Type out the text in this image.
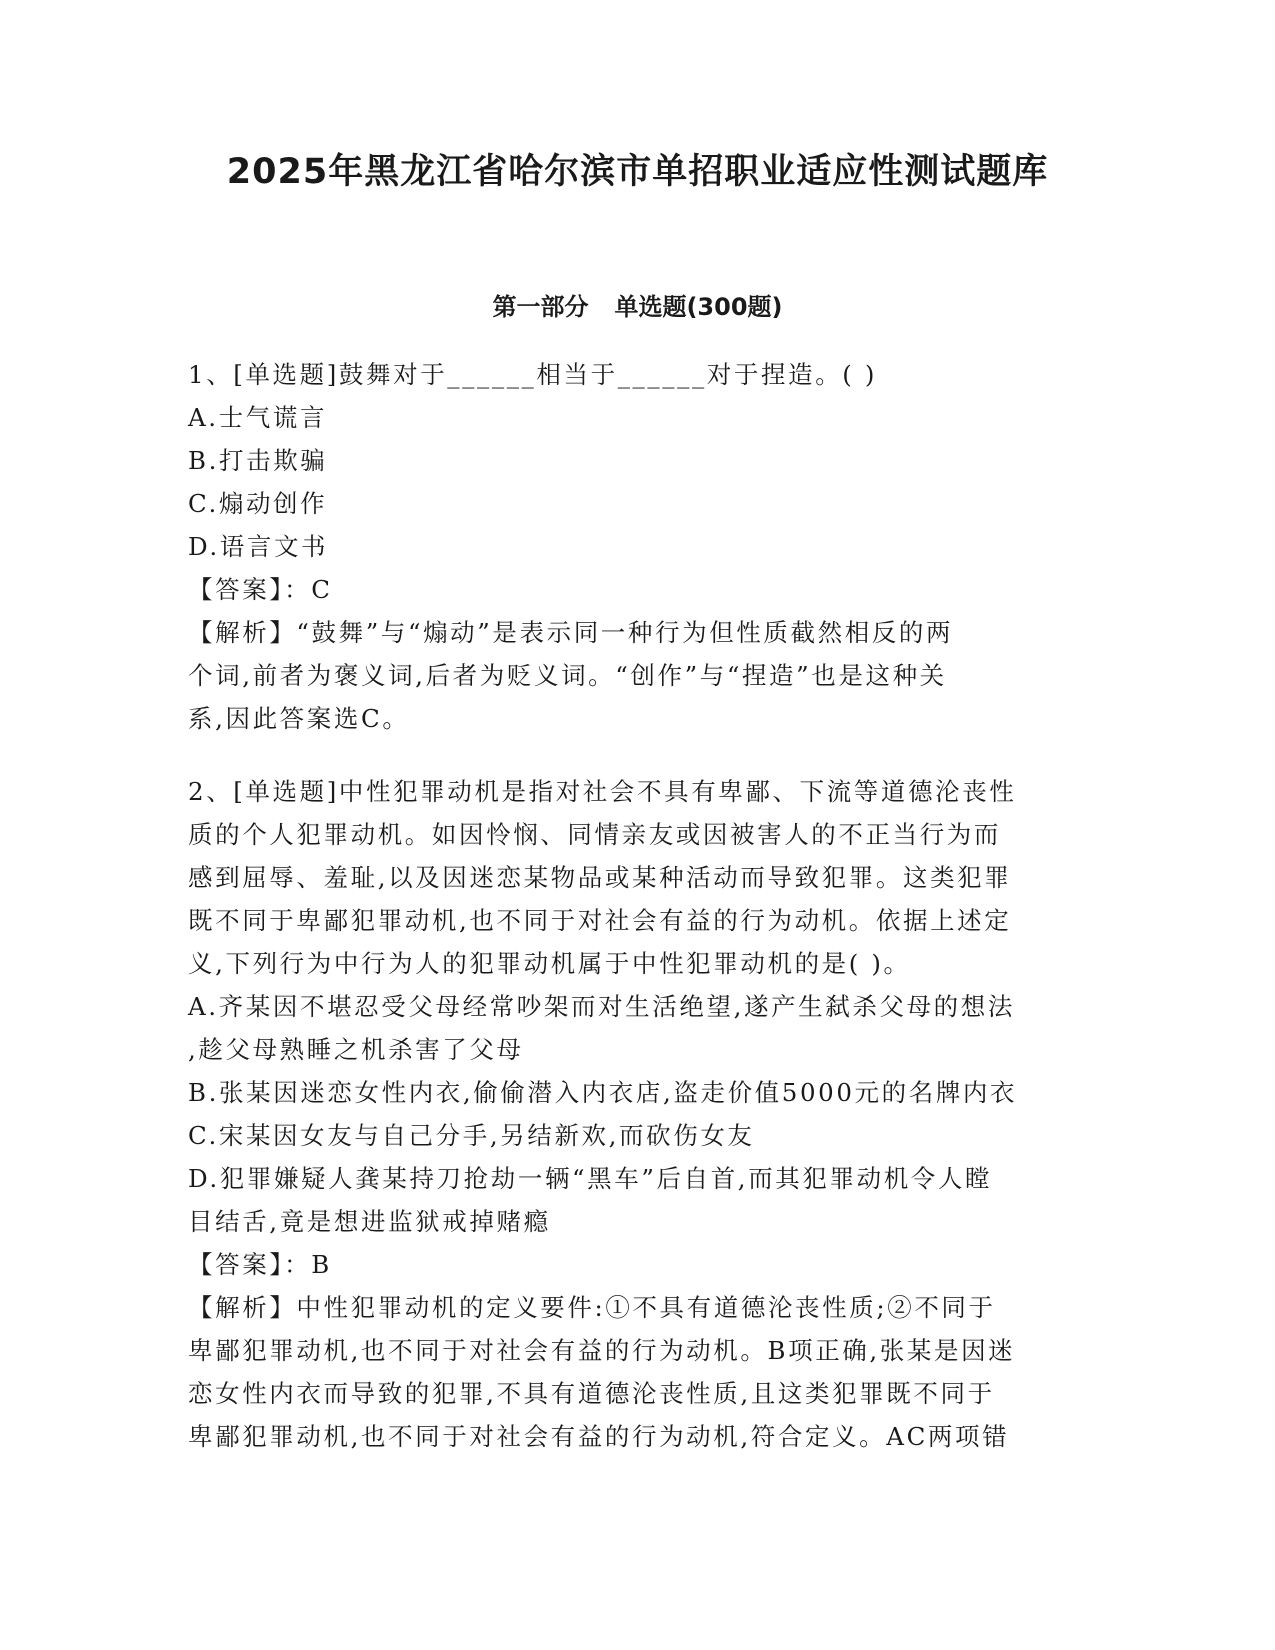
2025年黑龙江省哈尔滨市单招职业适应性测试题库
第一部分 单选题(300题)
1、[单选题]鼓舞对于______相当于______对于捏造。( )
A.士气谎言
B.打击欺骗
C.煽动创作
D.语言文书
【答案】：C
【解析】“鼓舞”与“煽动”是表示同一种行为但性质截然相反的两
个词,前者为褒义词,后者为贬义词。“创作”与“捏造”也是这种关
系,因此答案选C。
2、[单选题]中性犯罪动机是指对社会不具有卑鄙、下流等道德沦丧性
质的个人犯罪动机。如因怜悯、同情亲友或因被害人的不正当行为而
感到屈辱、羞耻,以及因迷恋某物品或某种活动而导致犯罪。这类犯罪
既不同于卑鄙犯罪动机,也不同于对社会有益的行为动机。依据上述定
义,下列行为中行为人的犯罪动机属于中性犯罪动机的是( )。
A.齐某因不堪忍受父母经常吵架而对生活绝望,遂产生弑杀父母的想法
,趁父母熟睡之机杀害了父母
B.张某因迷恋女性内衣,偷偷潜入内衣店,盗走价值5000元的名牌内衣
C.宋某因女友与自己分手,另结新欢,而砍伤女友
D.犯罪嫌疑人龚某持刀抢劫一辆“黑车”后自首,而其犯罪动机令人瞠
目结舌,竟是想进监狱戒掉赌瘾
【答案】：B
【解析】中性犯罪动机的定义要件:①不具有道德沦丧性质;②不同于
卑鄙犯罪动机,也不同于对社会有益的行为动机。B项正确,张某是因迷
恋女性内衣而导致的犯罪,不具有道德沦丧性质,且这类犯罪既不同于
卑鄙犯罪动机,也不同于对社会有益的行为动机,符合定义。AC两项错
